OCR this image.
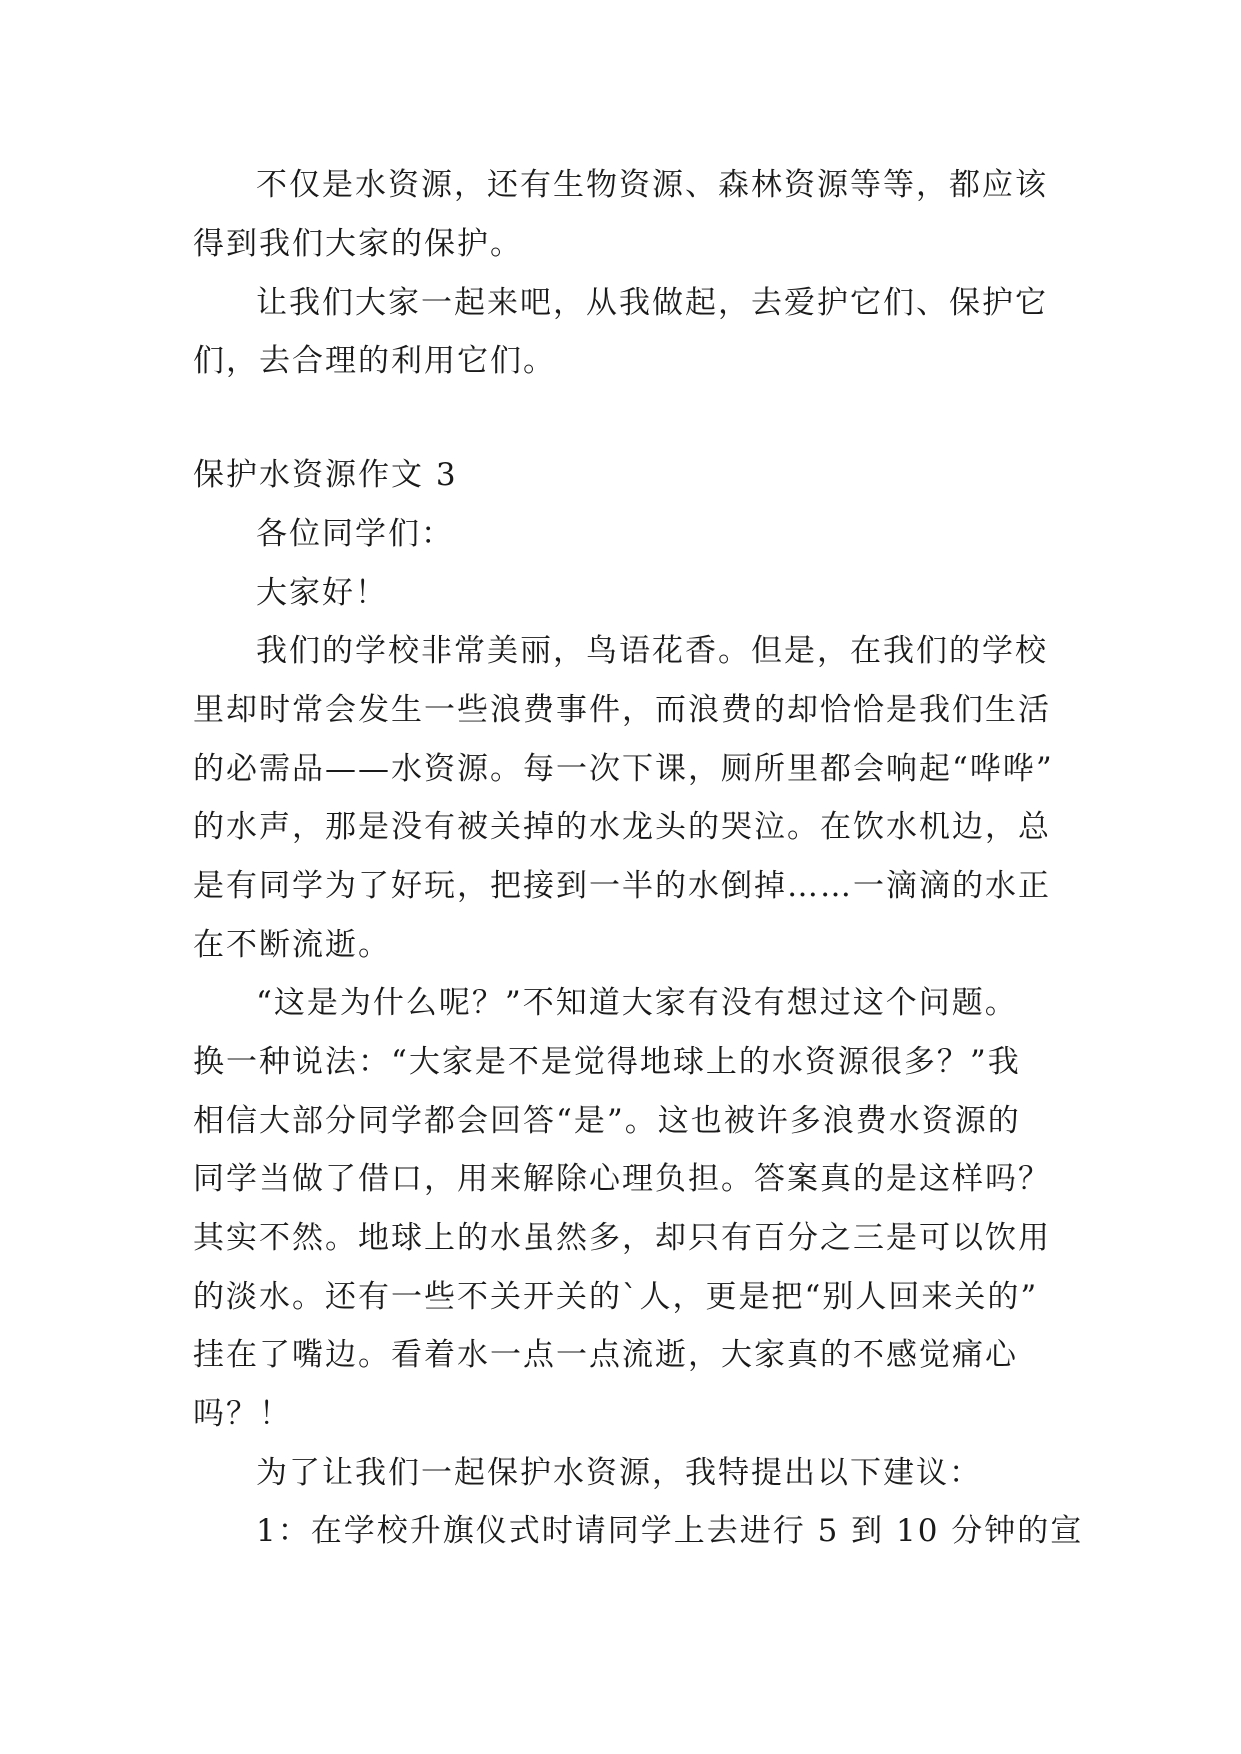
不仅是水资源，还有生物资源、森林资源等等，都应该
得到我们大家的保护。
让我们大家一起来吧，从我做起，去爱护它们、保护它
们，去合理的利用它们。
保护水资源作文 3
各位同学们：
大家好！
我们的学校非常美丽，鸟语花香。但是，在我们的学校
里却时常会发生一些浪费事件，而浪费的却恰恰是我们生活
的必需品——水资源。每一次下课，厕所里都会响起“哗哗”
的水声，那是没有被关掉的水龙头的哭泣。在饮水机边，总
是有同学为了好玩，把接到一半的水倒掉……一滴滴的水正
在不断流逝。
“这是为什么呢？”不知道大家有没有想过这个问题。
换一种说法：“大家是不是觉得地球上的水资源很多？”我
相信大部分同学都会回答“是”。这也被许多浪费水资源的
同学当做了借口，用来解除心理负担。答案真的是这样吗？
其实不然。地球上的水虽然多，却只有百分之三是可以饮用
的淡水。还有一些不关开关的`人，更是把“别人回来关的”
挂在了嘴边。看着水一点一点流逝，大家真的不感觉痛心
吗？！
为了让我们一起保护水资源，我特提出以下建议：
1：在学校升旗仪式时请同学上去进行 5 到 10 分钟的宣
